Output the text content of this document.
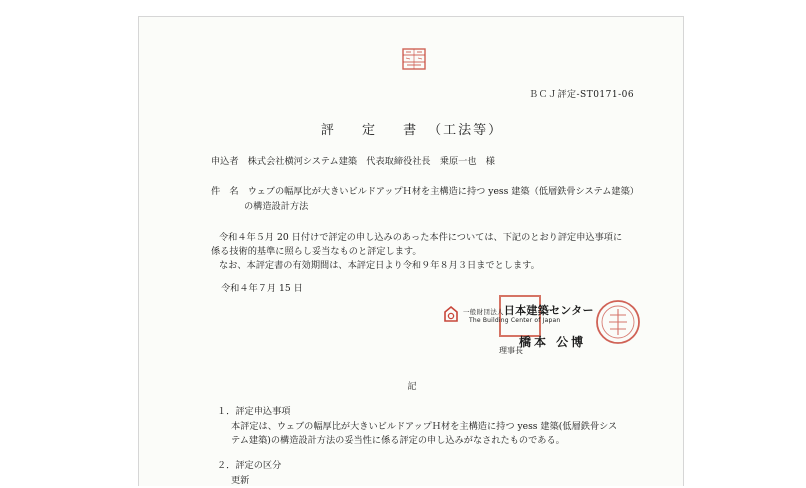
ＢＣＪ評定-ST0171-06
評 定 書（工法等）
申込者　 株式会社横河システム建築　代表取締役社長　乗原一也　様
件　名　 ウェブの幅厚比が大きいビルドアップＨ材を主構造に持つ yess 建築（低層鉄骨システム建築）
の構造設計方法

令和４年５月 20 日付けで評定の申し込みのあった本件については、下記のとおり評定申込事項に

係る技術的基準に照らし妥当なものと評定します。

なお、本評定書の有効期間は、本評定日より令和９年８月３日までとします。

令和４年７月 15 日
一般財団法人日本建築センター
The Building Center of Japan
理事長
橋本 公博
記
１．評定申込事項
本評定は、ウェブの幅厚比が大きいビルドアップＨ材を主構造に持つ yess 建築(低層鉄骨シス
テム建築)の構造設計方法の妥当性に係る評定の申し込みがなされたものである。
２．評定の区分
更新
